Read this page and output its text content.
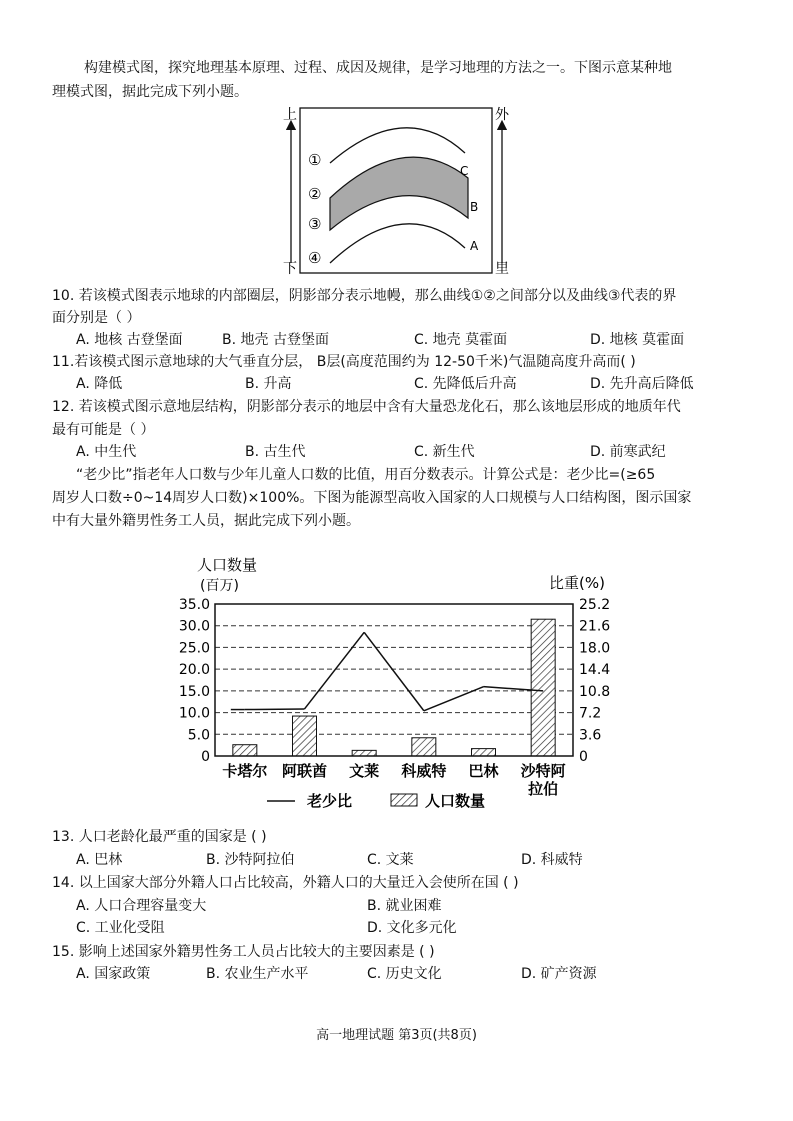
构建模式图，探究地理基本原理、过程、成因及规律，是学习地理的方法之一。下图示意某种地
理模式图，据此完成下列小题。
上
下
外
里
①
②
③
④
C
B
A
10. 若该模式图表示地球的内部圈层，阴影部分表示地幔，那么曲线①②之间部分以及曲线③代表的界
面分别是（ ）
A. 地核 古登堡面	B. 地壳 古登堡面	C. 地壳 莫霍面	D. 地核 莫霍面
11.若该模式图示意地球的大气垂直分层， B层(高度范围约为 12-50千米)气温随高度升高而( )
A. 降低	B. 升高	C. 先降低后升高	D. 先升高后降低
12. 若该模式图示意地层结构，阴影部分表示的地层中含有大量恐龙化石，那么该地层形成的地质年代
最有可能是（ ）
A. 中生代	B. 古生代	C. 新生代	D. 前寒武纪
“老少比”指老年人口数与少年儿童人口数的比值，用百分数表示。计算公式是：老少比=(≥65
周岁人口数÷0~14周岁人口数)×100%。下图为能源型高收入国家的人口规模与人口结构图，图示国家
中有大量外籍男性务工人员，据此完成下列小题。
人口数量
(百万)	比重(%)
35.0	25.2
30.0	21.6
25.0	18.0
20.0	14.4
15.0	10.8
10.0	7.2
5.0	3.6
0	0
卡塔尔 阿联酋 文莱 科威特 巴林 沙特阿
拉伯
老少比	人口数量
13. 人口老龄化最严重的国家是 ( )
A. 巴林	B. 沙特阿拉伯	C. 文莱	D. 科威特
14. 以上国家大部分外籍人口占比较高，外籍人口的大量迁入会使所在国 ( )
A. 人口合理容量变大	B. 就业困难
C. 工业化受阻	D. 文化多元化
15. 影响上述国家外籍男性务工人员占比较大的主要因素是 ( )
A. 国家政策	B. 农业生产水平	C. 历史文化	D. 矿产资源
高一地理试题 第3页(共8页)
